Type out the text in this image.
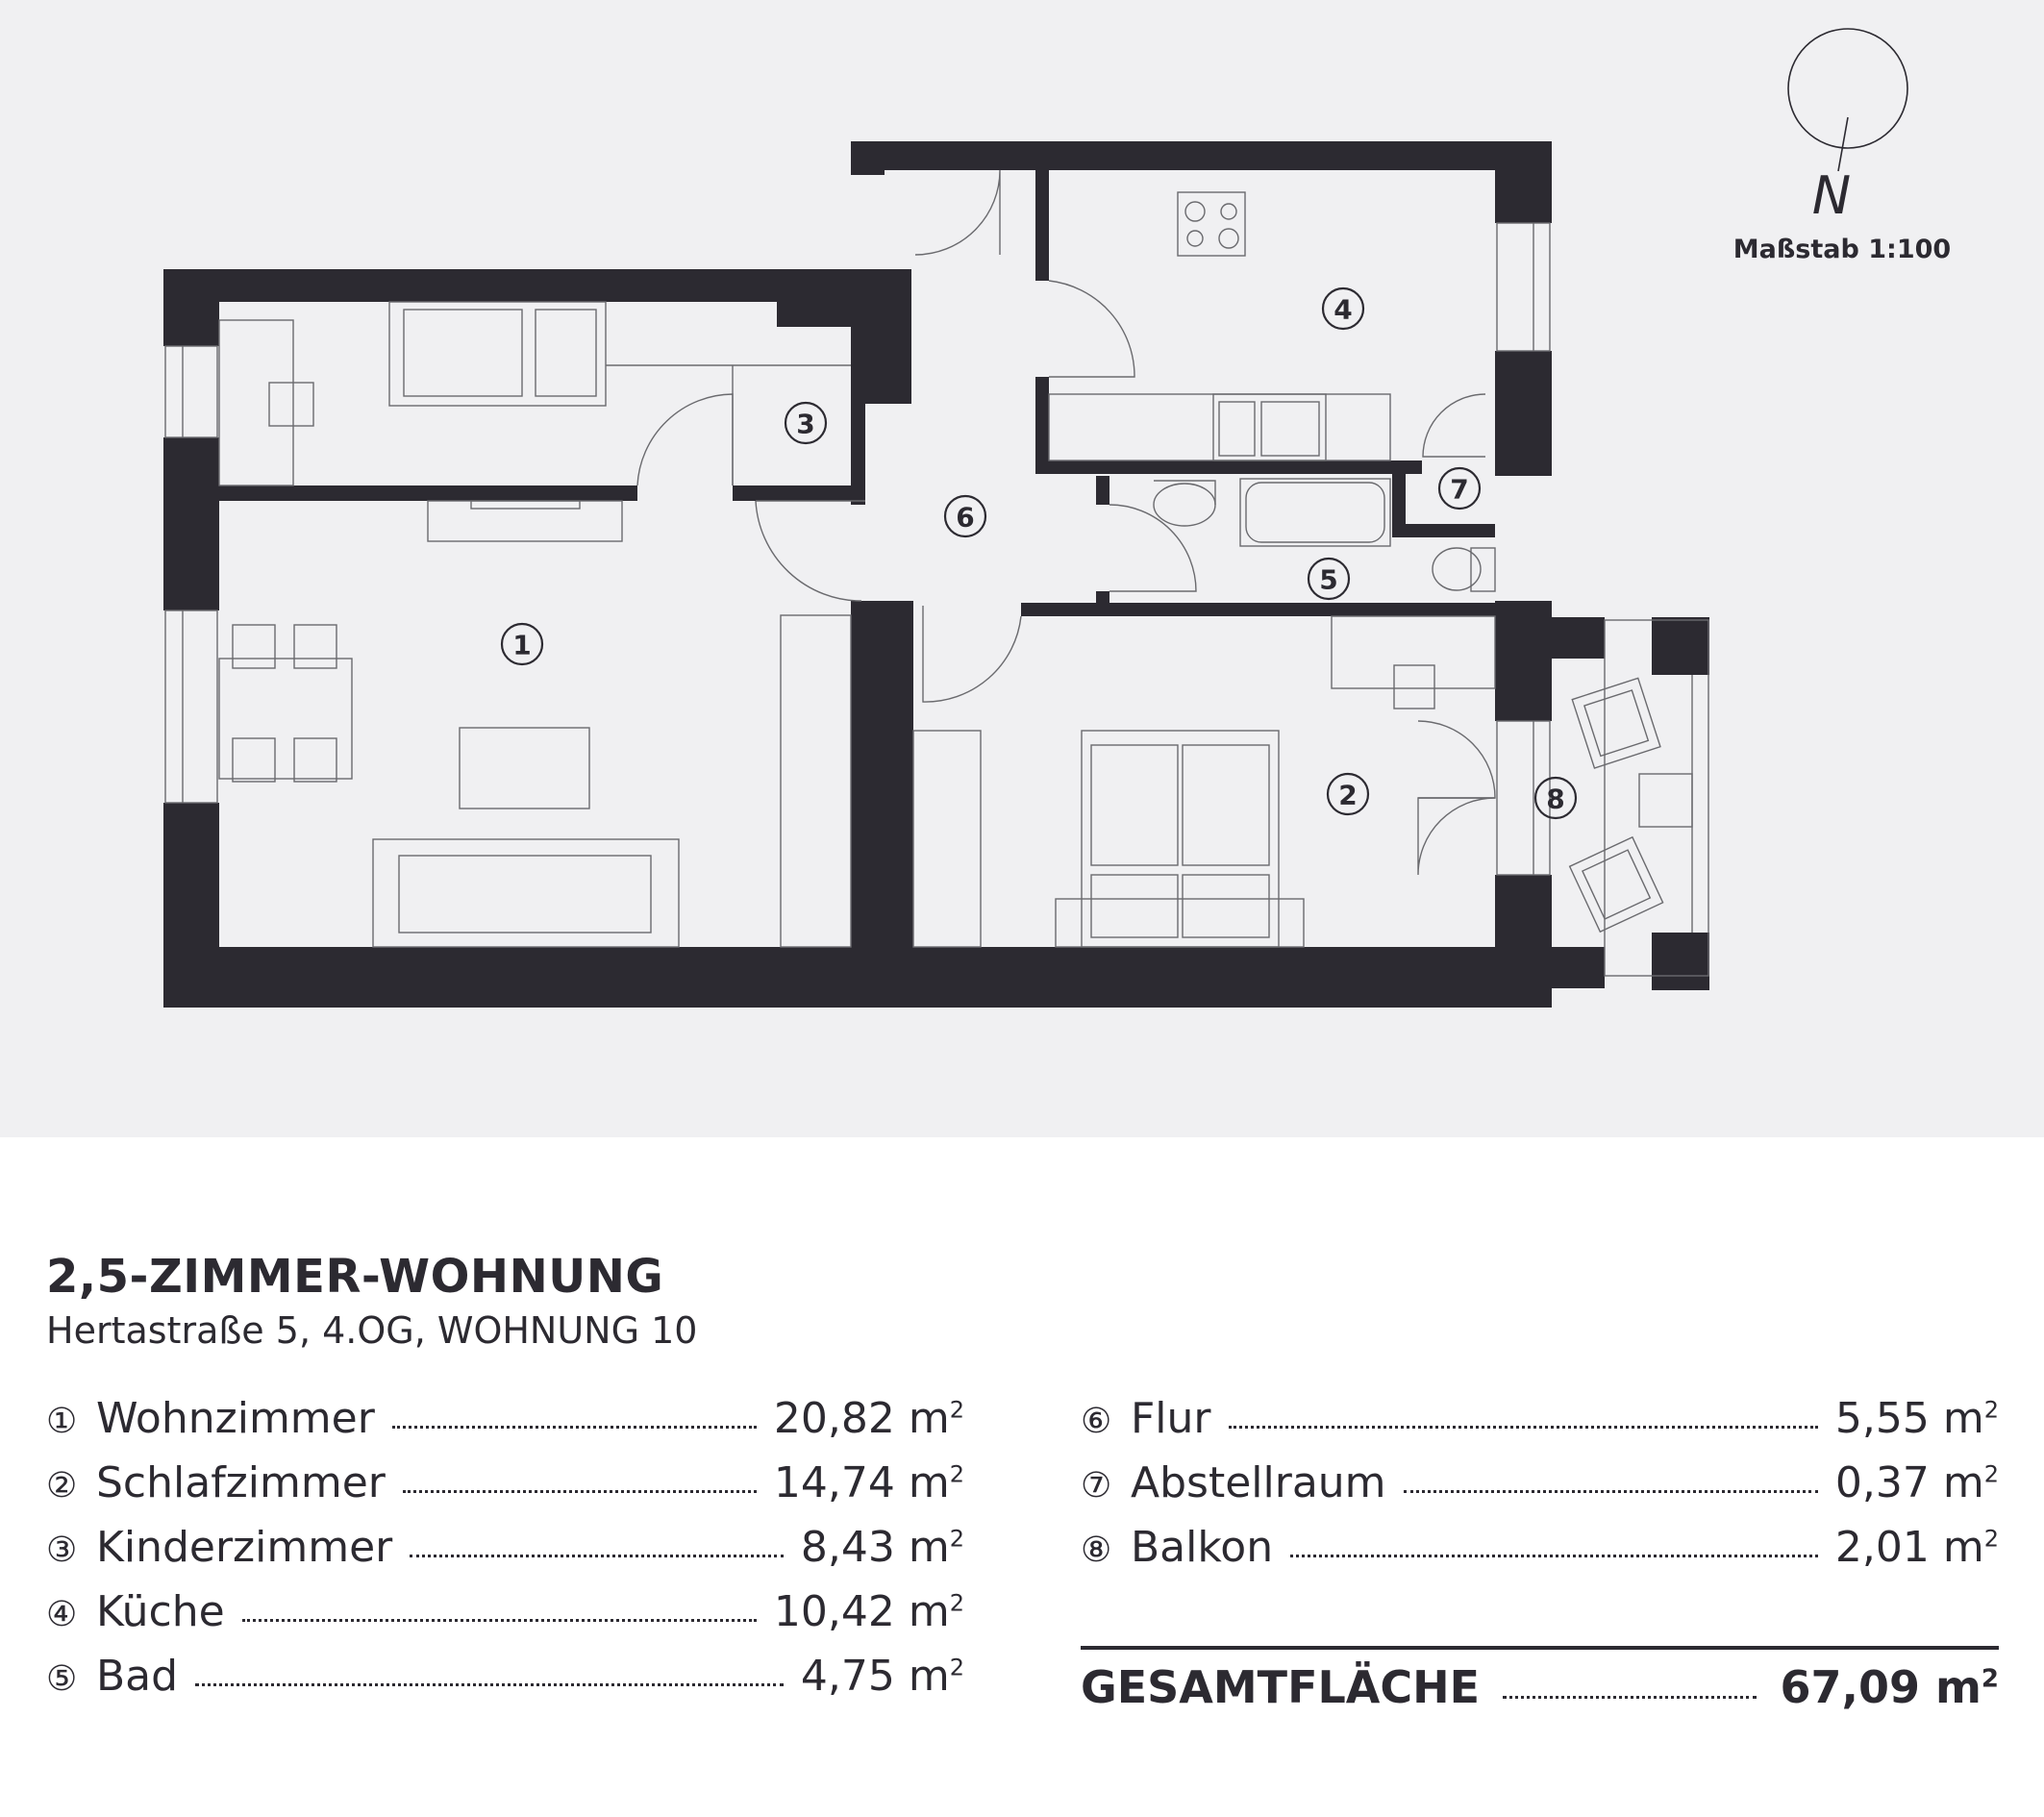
1
2
3
4
5
6
7
8
N
Maßstab 1:100
2,5-ZIMMER-WOHNUNG
Hertastraße 5, 4.OG, WOHNUNG 10
① Wohnzimmer	20,82 $m^2$
② Schlafzimmer	14,74 $m^2$
③ Kinderzimmer	8,43 $m^2$
④ Küche	10,42 $m^2$
⑤ Bad	4,75 $m^2$
⑥ Flur	5,55 $m^2$
⑦ Abstellraum	0,37 $m^2$
⑧ Balkon	2,01 $m^2$
GESAMTFLÄCHE	67,09 $m^2$
